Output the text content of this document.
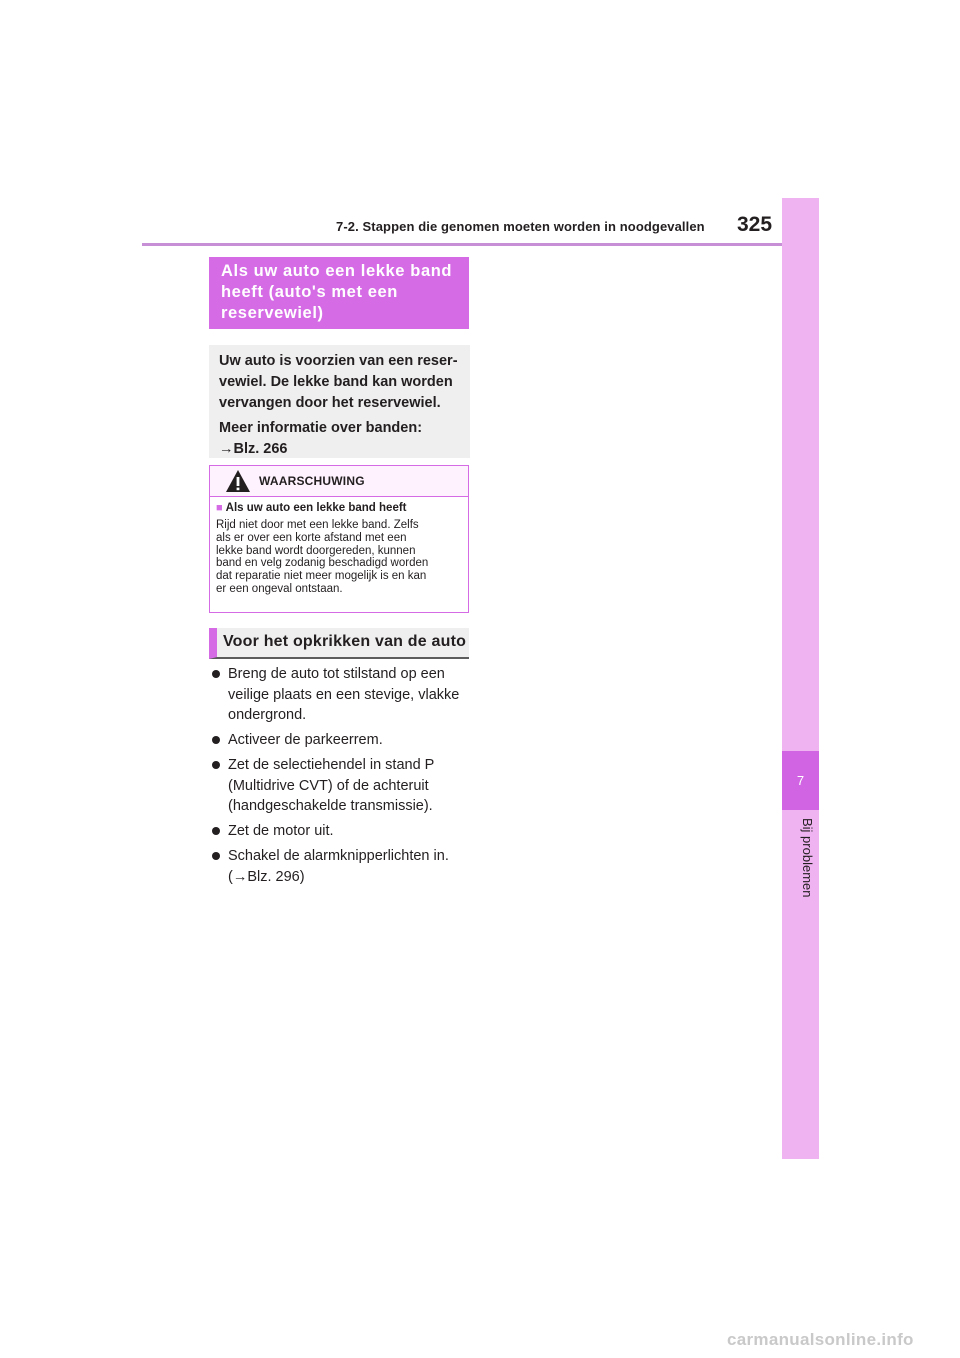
7-2. Stappen die genomen moeten worden in noodgevallen 325
7
Bij problemen
Als uw auto een lekke band
heeft (auto's met een
reservewiel)

Uw auto is voorzien van een reser-

vewiel. De lekke band kan worden

vervangen door het reservewiel.

Meer informatie over banden:

→Blz. 266

WAARSCHUWING
■ Als uw auto een lekke band heeft
Rijd niet door met een lekke band. Zelfs
als er over een korte afstand met een
lekke band wordt doorgereden, kunnen
band en velg zodanig beschadigd worden
dat reparatie niet meer mogelijk is en kan
er een ongeval ontstaan.
Voor het opkrikken van de auto
Breng de auto tot stilstand op een
veilige plaats en een stevige, vlakke
ondergrond.
Activeer de parkeerrem.
Zet de selectiehendel in stand P
(Multidrive CVT) of de achteruit
(handgeschakelde transmissie).
Zet de motor uit.
Schakel de alarmknipperlichten in.
(→Blz. 296)
carmanualsonline.info
